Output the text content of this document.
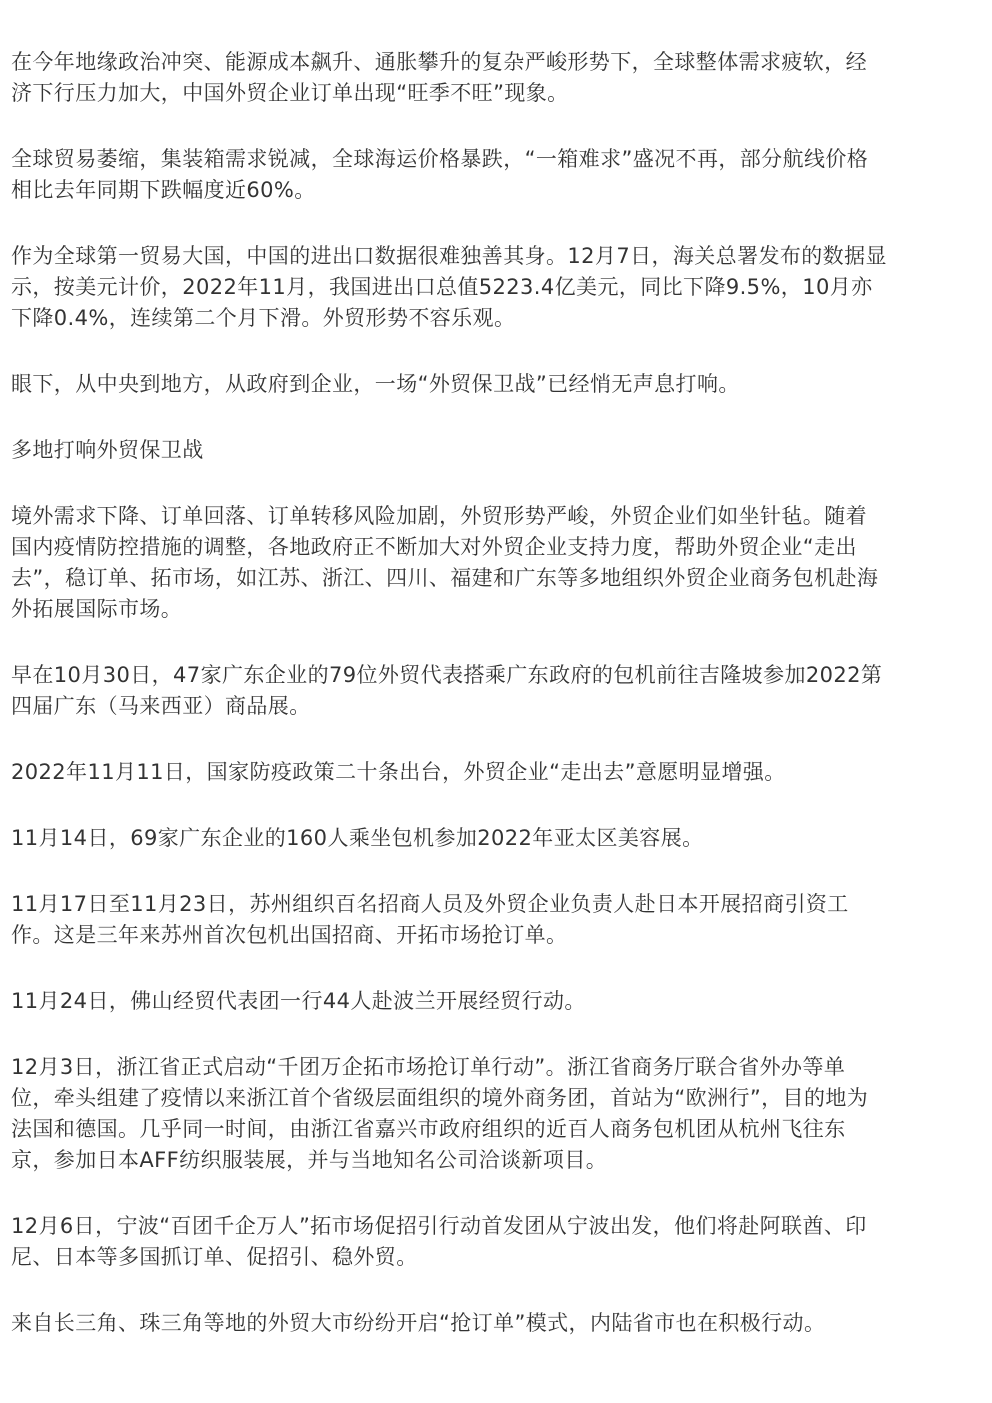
在今年地缘政治冲突、能源成本飙升、通胀攀升的复杂严峻形势下，全球整体需求疲软，经
济下行压力加大，中国外贸企业订单出现“旺季不旺”现象。

全球贸易萎缩，集装箱需求锐减，全球海运价格暴跌，“一箱难求”盛况不再，部分航线价格
相比去年同期下跌幅度近60%。

作为全球第一贸易大国，中国的进出口数据很难独善其身。12月7日，海关总署发布的数据显
示，按美元计价，2022年11月，我国进出口总值5223.4亿美元，同比下降9.5%，10月亦
下降0.4%，连续第二个月下滑。外贸形势不容乐观。

眼下，从中央到地方，从政府到企业，一场“外贸保卫战”已经悄无声息打响。

多地打响外贸保卫战

境外需求下降、订单回落、订单转移风险加剧，外贸形势严峻，外贸企业们如坐针毡。随着
国内疫情防控措施的调整，各地政府正不断加大对外贸企业支持力度，帮助外贸企业“走出
去”，稳订单、拓市场，如江苏、浙江、四川、福建和广东等多地组织外贸企业商务包机赴海
外拓展国际市场。

早在10月30日，47家广东企业的79位外贸代表搭乘广东政府的包机前往吉隆坡参加2022第
四届广东（马来西亚）商品展。

2022年11月11日，国家防疫政策二十条出台，外贸企业“走出去”意愿明显增强。

11月14日，69家广东企业的160人乘坐包机参加2022年亚太区美容展。

11月17日至11月23日，苏州组织百名招商人员及外贸企业负责人赴日本开展招商引资工
作。这是三年来苏州首次包机出国招商、开拓市场抢订单。

11月24日，佛山经贸代表团一行44人赴波兰开展经贸行动。

12月3日，浙江省正式启动“千团万企拓市场抢订单行动”。浙江省商务厅联合省外办等单
位，牵头组建了疫情以来浙江首个省级层面组织的境外商务团，首站为“欧洲行”，目的地为
法国和德国。几乎同一时间，由浙江省嘉兴市政府组织的近百人商务包机团从杭州飞往东
京，参加日本AFF纺织服装展，并与当地知名公司洽谈新项目。

12月6日，宁波“百团千企万人”拓市场促招引行动首发团从宁波出发，他们将赴阿联酋、印
尼、日本等多国抓订单、促招引、稳外贸。

来自长三角、珠三角等地的外贸大市纷纷开启“抢订单”模式，内陆省市也在积极行动。
